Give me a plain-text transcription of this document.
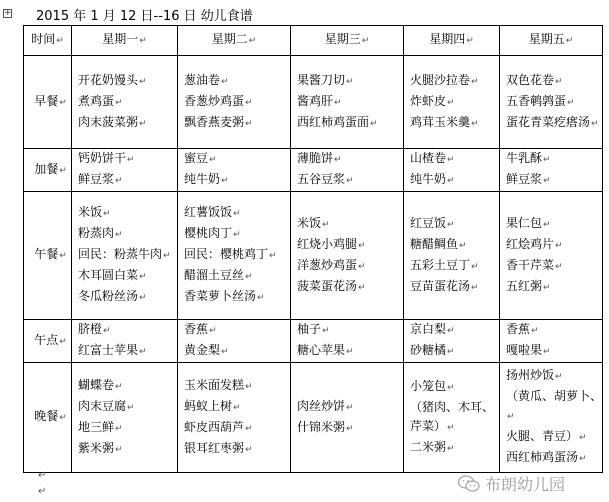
+ 2015 年 1 月 12 日--16 日 幼儿食谱
时间 ↵	星期一 ↵	星期二 ↵	星期三 ↵	星期四 ↵	星期五 ↵
早餐 ↵	开花奶馒头 ↵
煮鸡蛋 ↵
肉末菠菜粥 ↵	葱油卷 ↵
香葱炒鸡蛋 ↵
飘香燕麦粥 ↵	果酱刀切 ↵
酱鸡肝 ↵
西红柿鸡蛋面 ↵	火腿沙拉卷 ↵
炸虾皮 ↵
鸡茸玉米羹 ↵	双色花卷 ↵
五香鹌鹑蛋 ↵
蛋花青菜疙瘩汤 ↵

加餐 ↵	钙奶饼干 ↵
鲜豆浆 ↵	蜜豆 ↵
纯牛奶 ↵	薄脆饼 ↵
五谷豆浆 ↵	山楂卷 ↵
纯牛奶 ↵	牛乳酥 ↵
鲜豆浆 ↵

午餐 ↵	米饭 ↵
粉蒸肉 ↵
回民：粉蒸牛肉 ↵
木耳圆白菜 ↵
冬瓜粉丝汤 ↵	红薯饭饭 ↵
樱桃肉丁 ↵
回民：樱桃鸡丁 ↵
醋溜土豆丝 ↵
香菜萝卜丝汤 ↵	米饭 ↵
红烧小鸡腿 ↵
洋葱炒鸡蛋 ↵
菠菜蛋花汤 ↵	红豆饭 ↵
糖醋鲷鱼 ↵
五彩土豆丁 ↵
豆苗蛋花汤 ↵	果仁包 ↵
红烩鸡片 ↵
香干芹菜 ↵
五红粥 ↵

午点 ↵	脐橙 ↵
红富士苹果 ↵	香蕉 ↵
黄金梨 ↵	柚子 ↵
糖心苹果 ↵	京白梨 ↵
砂糖橘 ↵	香蕉 ↵
嘎啦果 ↵

晚餐 ↵	蝴蝶卷 ↵
肉末豆腐 ↵
地三鲜 ↵
紫米粥 ↵	玉米面发糕 ↵
蚂蚁上树 ↵
虾皮西葫芦 ↵
银耳红枣粥 ↵	肉丝炒饼 ↵
什锦米粥 ↵	小笼包 ↵
（猪肉、木耳、芹菜） ↵
二米粥 ↵	扬州炒饭 ↵
（黄瓜、胡萝卜、 ↵
火腿、青豆） ↵
西红柿鸡蛋汤 ↵
↵
↵	布朗幼儿园
